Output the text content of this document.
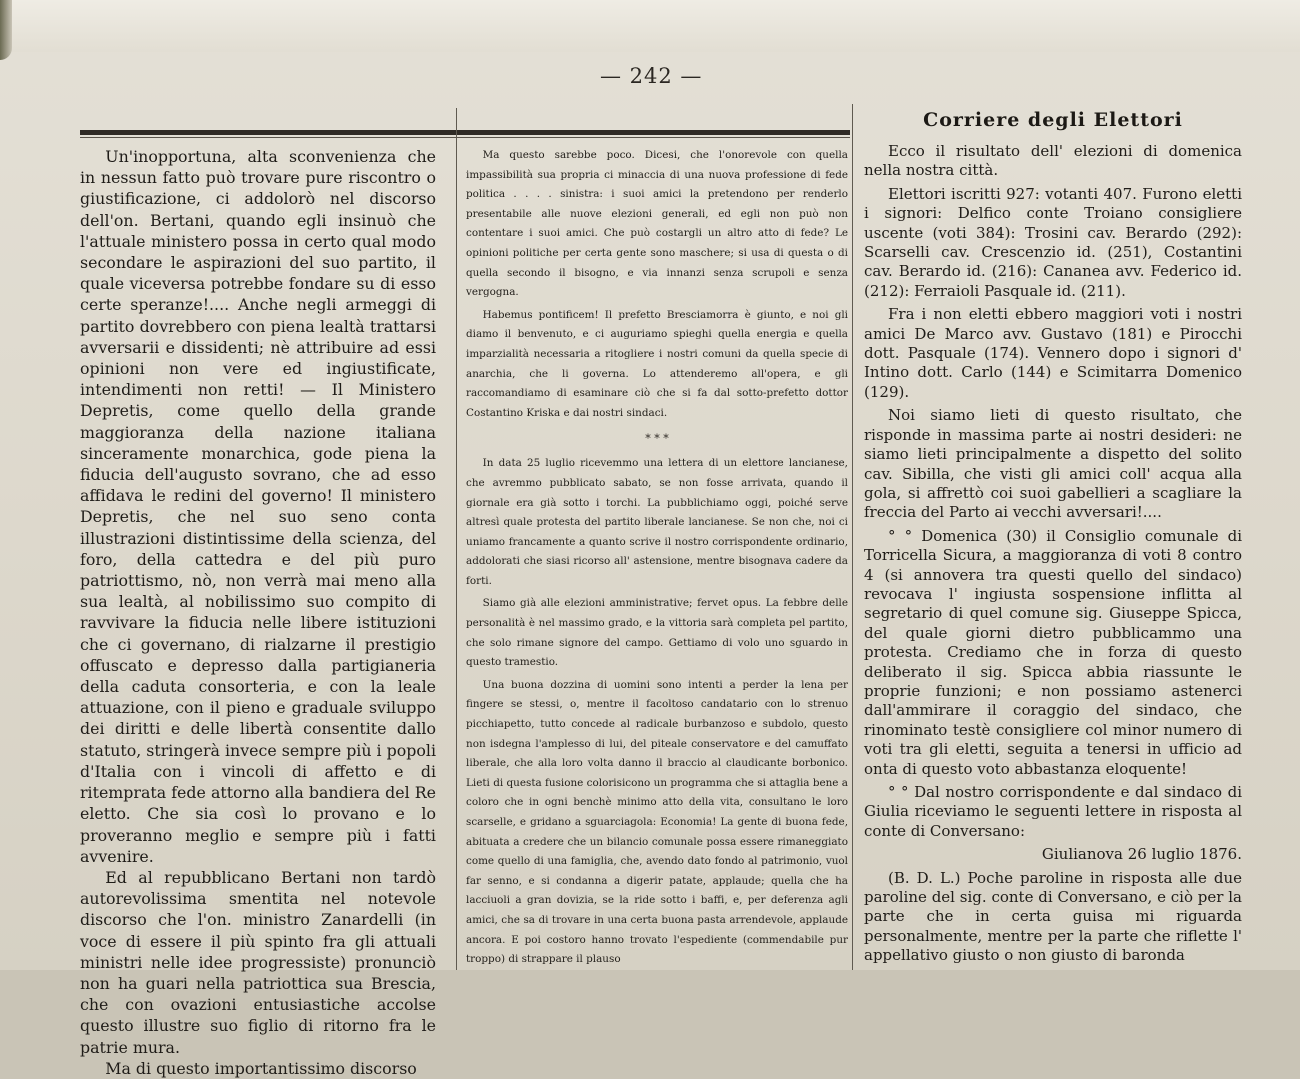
— 242 —

Un'inopportuna, alta sconvenienza che in nessun fatto può trovare pure riscontro o giustificazione, ci addolorò nel discorso dell'on. Bertani, quando egli insinuò che l'attuale ministero possa in certo qual modo secondare le aspirazioni del suo partito, il quale viceversa potrebbe fondare su di esso certe speranze!.... Anche negli armeggi di partito dovrebbero con piena lealtà trattarsi avversarii e dissidenti; nè attribuire ad essi opinioni non vere ed ingiustificate, intendimenti non retti! — Il Ministero Depretis, come quello della grande maggioranza della nazione italiana sinceramente monarchica, gode piena la fiducia dell'augusto sovrano, che ad esso affidava le redini del governo! Il ministero Depretis, che nel suo seno conta illustrazioni distintissime della scienza, del foro, della cattedra e del più puro patriottismo, nò, non verrà mai meno alla sua lealtà, al nobilissimo suo compito di ravvivare la fiducia nelle libere istituzioni che ci governano, di rialzarne il prestigio offuscato e depresso dalla partigianeria della caduta consorteria, e con la leale attuazione, con il pieno e graduale sviluppo dei diritti e delle libertà consentite dallo statuto, stringerà invece sempre più i popoli d'Italia con i vincoli di affetto e di ritemprata fede attorno alla bandiera del Re eletto. Che sia così lo provano e lo proveranno meglio e sempre più i fatti avvenire.

Ed al repubblicano Bertani non tardò autorevolissima smentita nel notevole discorso che l'on. ministro Zanardelli (in voce di essere il più spinto fra gli attuali ministri nelle idee progressiste) pronunciò non ha guari nella patriottica sua Brescia, che con ovazioni entusiastiche accolse questo illustre suo figlio di ritorno fra le patrie mura.

Ma di questo importantissimo discorso

Ma questo sarebbe poco. Dicesi, che l'onorevole con quella impassibilità sua propria ci minaccia di una nuova professione di fede politica . . . . sinistra: i suoi amici la pretendono per renderlo presentabile alle nuove elezioni generali, ed egli non può non contentare i suoi amici. Che può costargli un altro atto di fede? Le opinioni politiche per certa gente sono maschere; si usa di questa o di quella secondo il bisogno, e via innanzi senza scrupoli e senza vergogna.

Habemus pontificem! Il prefetto Bresciamorra è giunto, e noi gli diamo il benvenuto, e ci auguriamo spieghi quella energia e quella imparzialità necessaria a ritogliere i nostri comuni da quella specie di anarchia, che li governa. Lo attenderemo all'opera, e gli raccomandiamo di esaminare ciò che si fa dal sotto-prefetto dottor Costantino Kriska e dai nostri sindaci.

* * *

In data 25 luglio ricevemmo una lettera di un elettore lancianese, che avremmo pubblicato sabato, se non fosse arrivata, quando il giornale era già sotto i torchi. La pubblichiamo oggi, poiché serve altresì quale protesta del partito liberale lancianese. Se non che, noi ci uniamo francamente a quanto scrive il nostro corrispondente ordinario, addolorati che siasi ricorso all' astensione, mentre bisognava cadere da forti.

Siamo già alle elezioni amministrative; fervet opus. La febbre delle personalità è nel massimo grado, e la vittoria sarà completa pel partito, che solo rimane signore del campo. Gettiamo di volo uno sguardo in questo tramestio.

Una buona dozzina di uomini sono intenti a perder la lena per fingere se stessi, o, mentre il facoltoso candatario con lo strenuo picchiapetto, tutto concede al radicale burbanzoso e subdolo, questo non isdegna l'amplesso di lui, del piteale conservatore e del camuffato liberale, che alla loro volta danno il braccio al claudicante borbonico. Lieti di questa fusione colorisicono un programma che si attaglia bene a coloro che in ogni benchè minimo atto della vita, consultano le loro scarselle, e gridano a sguarciagola: Economia! La gente di buona fede, abituata a credere che un bilancio comunale possa essere rimaneggiato come quello di una famiglia, che, avendo dato fondo al patrimonio, vuol far senno, e si condanna a digerir patate, applaude; quella che ha lacciuoli a gran dovizia, se la ride sotto i baffi, e, per deferenza agli amici, che sa di trovare in una certa buona pasta arrendevole, applaude ancora. E poi costoro hanno trovato l'espediente (commendabile pur troppo) di strappare il plauso

Corriere degli Elettori

Ecco il risultato dell' elezioni di domenica nella nostra città.

Elettori iscritti 927: votanti 407. Furono eletti i signori: Delfico conte Troiano consigliere uscente (voti 384): Trosini cav. Berardo (292): Scarselli cav. Crescenzio id. (251), Costantini cav. Berardo id. (216): Cananea avv. Federico id. (212): Ferraioli Pasquale id. (211).

Fra i non eletti ebbero maggiori voti i nostri amici De Marco avv. Gustavo (181) e Pirocchi dott. Pasquale (174). Vennero dopo i signori d' Intino dott. Carlo (144) e Scimitarra Domenico (129).

Noi siamo lieti di questo risultato, che risponde in massima parte ai nostri desideri: ne siamo lieti principalmente a dispetto del solito cav. Sibilla, che visti gli amici coll' acqua alla gola, si affrettò coi suoi gabellieri a scagliare la freccia del Parto ai vecchi avversari!....

° ° Domenica (30) il Consiglio comunale di Torricella Sicura, a maggioranza di voti 8 contro 4 (si annovera tra questi quello del sindaco) revocava l' ingiusta sospensione inflitta al segretario di quel comune sig. Giuseppe Spicca, del quale giorni dietro pubblicammo una protesta. Crediamo che in forza di questo deliberato il sig. Spicca abbia riassunte le proprie funzioni; e non possiamo astenerci dall'ammirare il coraggio del sindaco, che rinominato testè consigliere col minor numero di voti tra gli eletti, seguita a tenersi in ufficio ad onta di questo voto abbastanza eloquente!

° ° Dal nostro corrispondente e dal sindaco di Giulia riceviamo le seguenti lettere in risposta al conte di Conversano:

Giulianova 26 luglio 1876.

(B. D. L.) Poche paroline in risposta alle due paroline del sig. conte di Conversano, e ciò per la parte che in certa guisa mi riguarda personalmente, mentre per la parte che riflette l' appellativo giusto o non giusto di baronda
